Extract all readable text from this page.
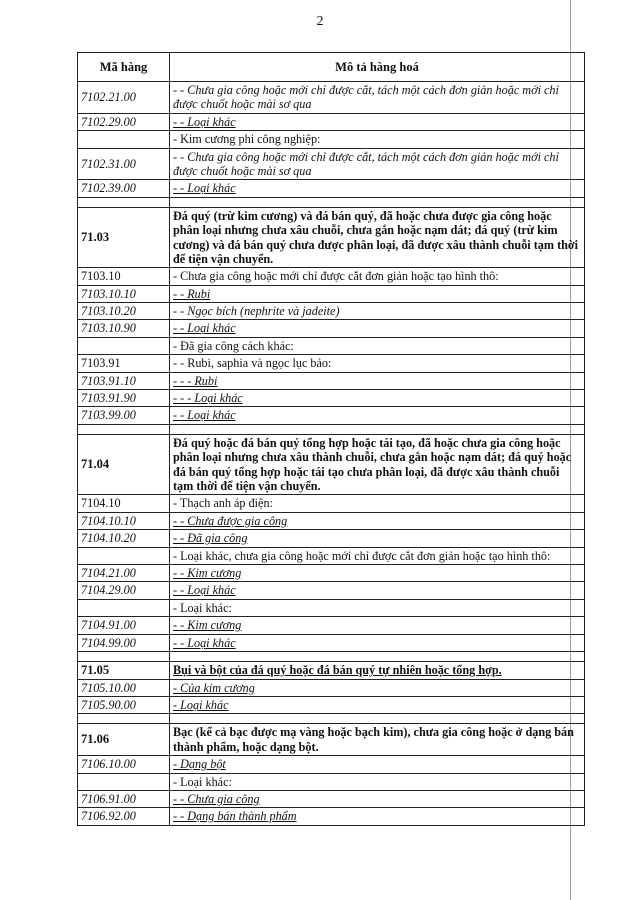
2
Mã hàng	Mô tả hàng hoá
7102.21.00	- - Chưa gia công hoặc mới chỉ được cắt, tách một cách đơn giản hoặc mới chỉ được chuốt hoặc mài sơ qua
7102.29.00	- - Loại khác
	- Kim cương phi công nghiệp:
7102.31.00	- - Chưa gia công hoặc mới chỉ được cắt, tách một cách đơn giản hoặc mới chỉ được chuốt hoặc mài sơ qua
7102.39.00	- - Loại khác

71.03	Đá quý (trừ kim cương) và đá bán quý, đã hoặc chưa được gia công hoặc phân loại nhưng chưa xâu chuỗi, chưa gắn hoặc nạm dát; đá quý (trừ kim cương) và đá bán quý chưa được phân loại, đã được xâu thành chuỗi tạm thời để tiện vận chuyển.
7103.10	- Chưa gia công hoặc mới chỉ được cắt đơn giản hoặc tạo hình thô:
7103.10.10	- - Rubi
7103.10.20	- - Ngọc bích (nephrite và jadeite)
7103.10.90	- - Loại khác
	- Đã gia công cách khác:
7103.91	- - Rubi, saphia và ngọc lục bảo:
7103.91.10	- - - Rubi
7103.91.90	- - - Loại khác
7103.99.00	- - Loại khác

71.04	Đá quý hoặc đá bán quý tổng hợp hoặc tái tạo, đã hoặc chưa gia công hoặc phân loại nhưng chưa xâu thành chuỗi, chưa gắn hoặc nạm dát; đá quý hoặc đá bán quý tổng hợp hoặc tái tạo chưa phân loại, đã được xâu thành chuỗi tạm thời để tiện vận chuyển.
7104.10	- Thạch anh áp điện:
7104.10.10	- - Chưa được gia công
7104.10.20	- - Đã gia công
	- Loại khác, chưa gia công hoặc mới chỉ được cắt đơn giản hoặc tạo hình thô:
7104.21.00	- - Kim cương
7104.29.00	- - Loại khác
	- Loại khác:
7104.91.00	- - Kim cương
7104.99.00	- - Loại khác

71.05	Bụi và bột của đá quý hoặc đá bán quý tự nhiên hoặc tổng hợp.
7105.10.00	- Của kim cương
7105.90.00	- Loại khác

71.06	Bạc (kể cả bạc được mạ vàng hoặc bạch kim), chưa gia công hoặc ở dạng bán thành phẩm, hoặc dạng bột.
7106.10.00	- Dạng bột
	- Loại khác:
7106.91.00	- - Chưa gia công
7106.92.00	- - Dạng bán thành phẩm
